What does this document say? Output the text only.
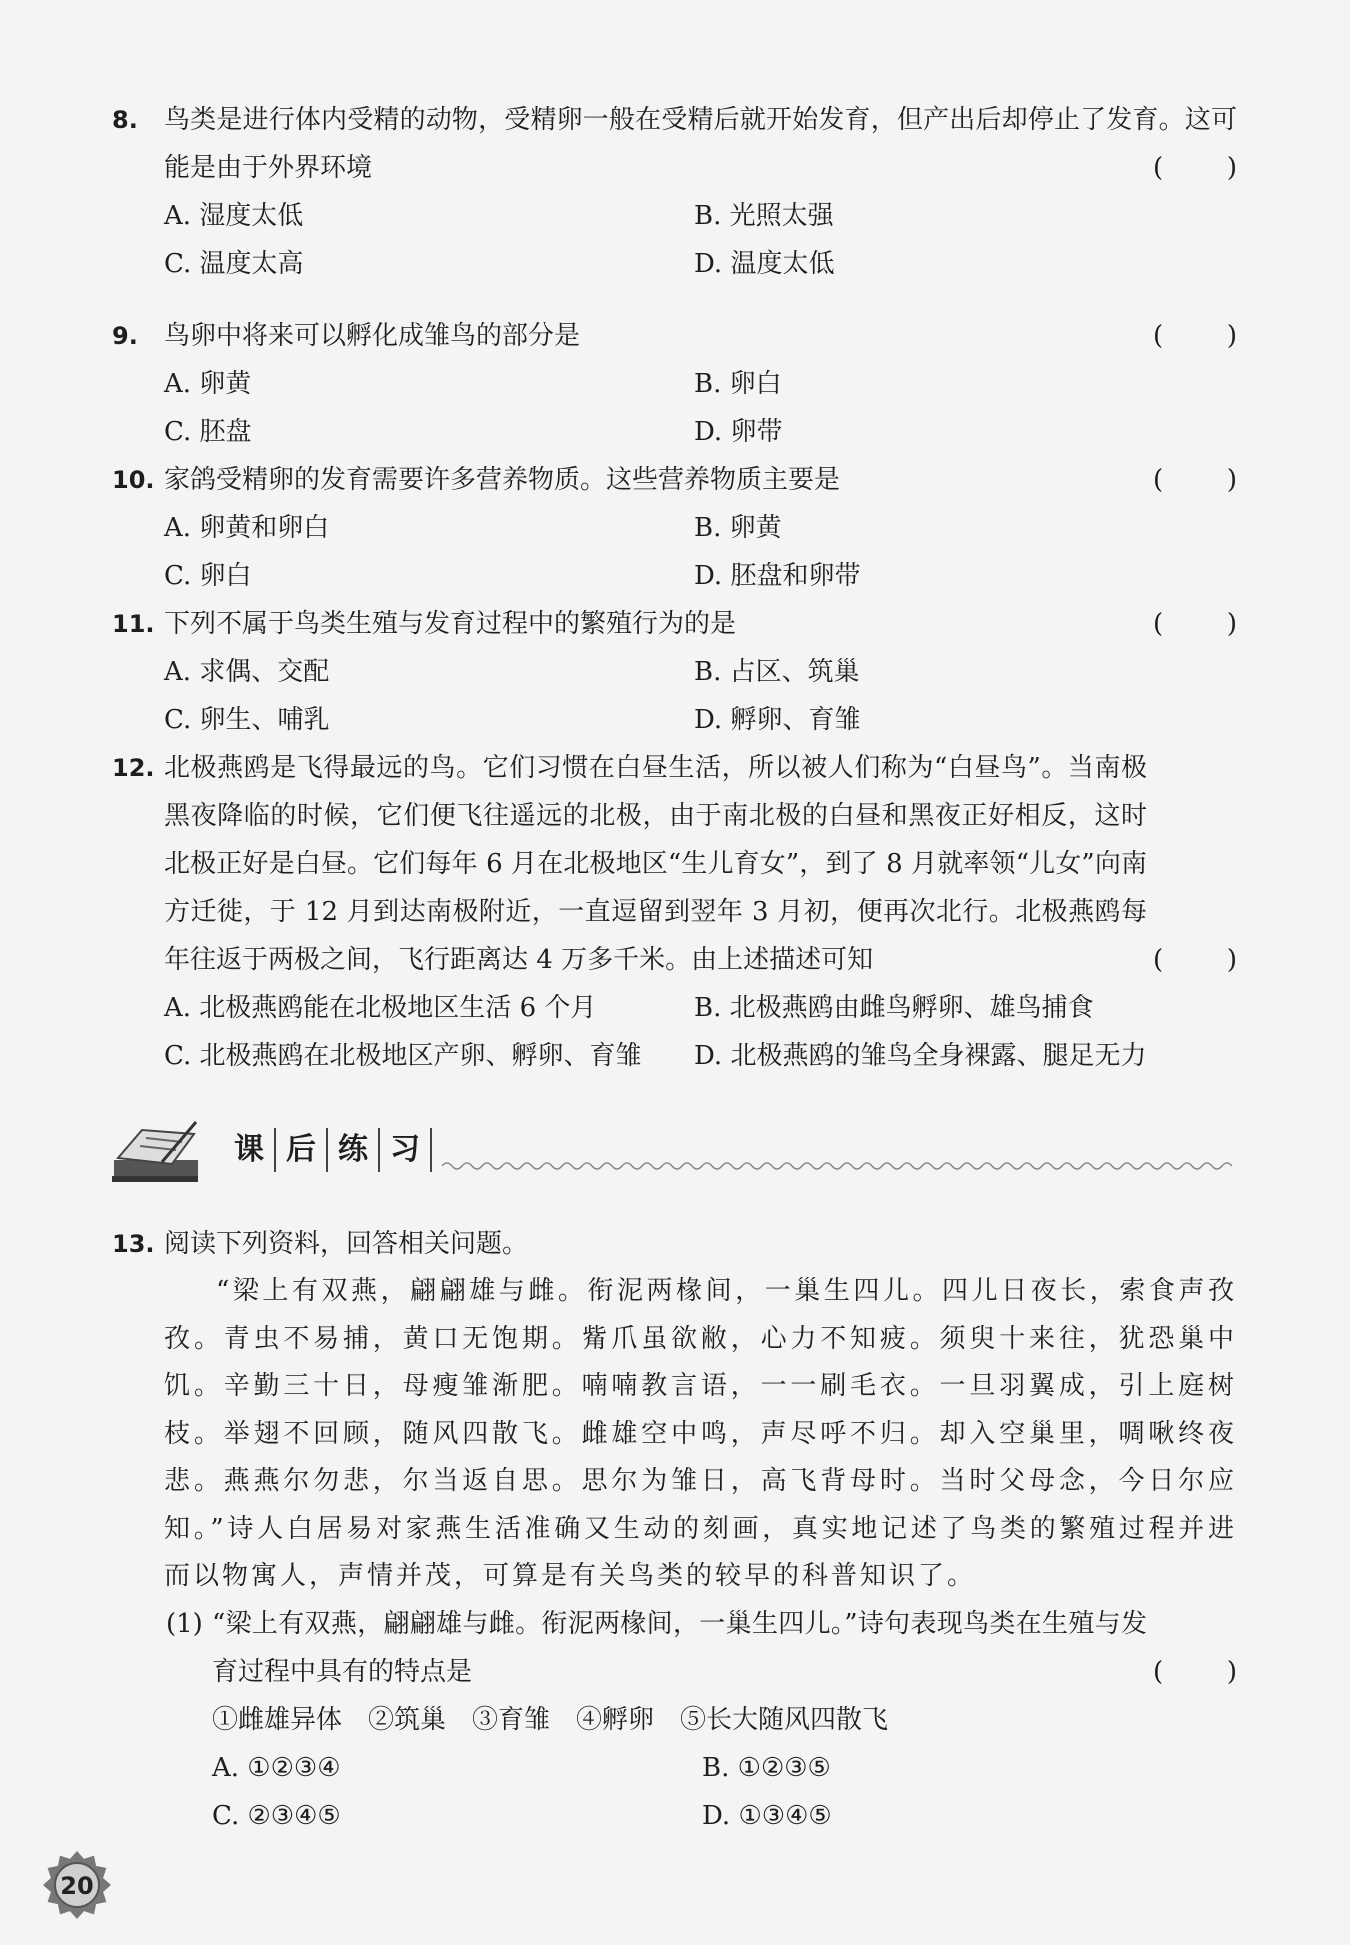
8. 鸟类是进行体内受精的动物，受精卵一般在受精后就开始发育，但产出后却停止了发育。这可能是由于外界环境	( )
A. 湿度太低	B. 光照太强
C. 温度太高	D. 温度太低
9. 鸟卵中将来可以孵化成雏鸟的部分是	( )
A. 卵黄	B. 卵白
C. 胚盘	D. 卵带
10. 家鸽受精卵的发育需要许多营养物质。这些营养物质主要是	( )
A. 卵黄和卵白	B. 卵黄
C. 卵白	D. 胚盘和卵带
11. 下列不属于鸟类生殖与发育过程中的繁殖行为的是	( )
A. 求偶、交配	B. 占区、筑巢
C. 卵生、哺乳	D. 孵卵、育雏
12. 北极燕鸥是飞得最远的鸟。它们习惯在白昼生活，所以被人们称为“白昼鸟”。当南极黑夜降临的时候，它们便飞往遥远的北极，由于南北极的白昼和黑夜正好相反，这时北极正好是白昼。它们每年 6 月在北极地区“生儿育女”，到了 8 月就率领“儿女”向南方迁徙，于 12 月到达南极附近，一直逗留到翌年 3 月初，便再次北行。北极燕鸥每年往返于两极之间，飞行距离达 4 万多千米。由上述描述可知	( )
A. 北极燕鸥能在北极地区生活 6 个月	B. 北极燕鸥由雌鸟孵卵、雄鸟捕食
C. 北极燕鸥在北极地区产卵、孵卵、育雏 D. 北极燕鸥的雏鸟全身裸露、腿足无力
课 后 练 习
13. 阅读下列资料，回答相关问题。
“梁上有双燕，翩翩雄与雌。衔泥两椽间，一巢生四儿。四儿日夜长，索食声孜孜。青虫不易捕，黄口无饱期。觜爪虽欲敝，心力不知疲。须臾十来往，犹恐巢中饥。辛勤三十日，母瘦雏渐肥。喃喃教言语，一一刷毛衣。一旦羽翼成，引上庭树枝。举翅不回顾，随风四散飞。雌雄空中鸣，声尽呼不归。却入空巢里，啁啾终夜悲。燕燕尔勿悲，尔当返自思。思尔为雏日，高飞背母时。当时父母念，今日尔应知。”诗人白居易对家燕生活准确又生动的刻画，真实地记述了鸟类的繁殖过程并进而以物寓人，声情并茂，可算是有关鸟类的较早的科普知识了。
(1) “梁上有双燕，翩翩雄与雌。衔泥两椽间，一巢生四儿。”诗句表现鸟类在生殖与发育过程中具有的特点是	( )
①雌雄异体　②筑巢　③育雏　④孵卵　⑤长大随风四散飞
A. ①②③④	B. ①②③⑤
C. ②③④⑤	D. ①③④⑤
20
